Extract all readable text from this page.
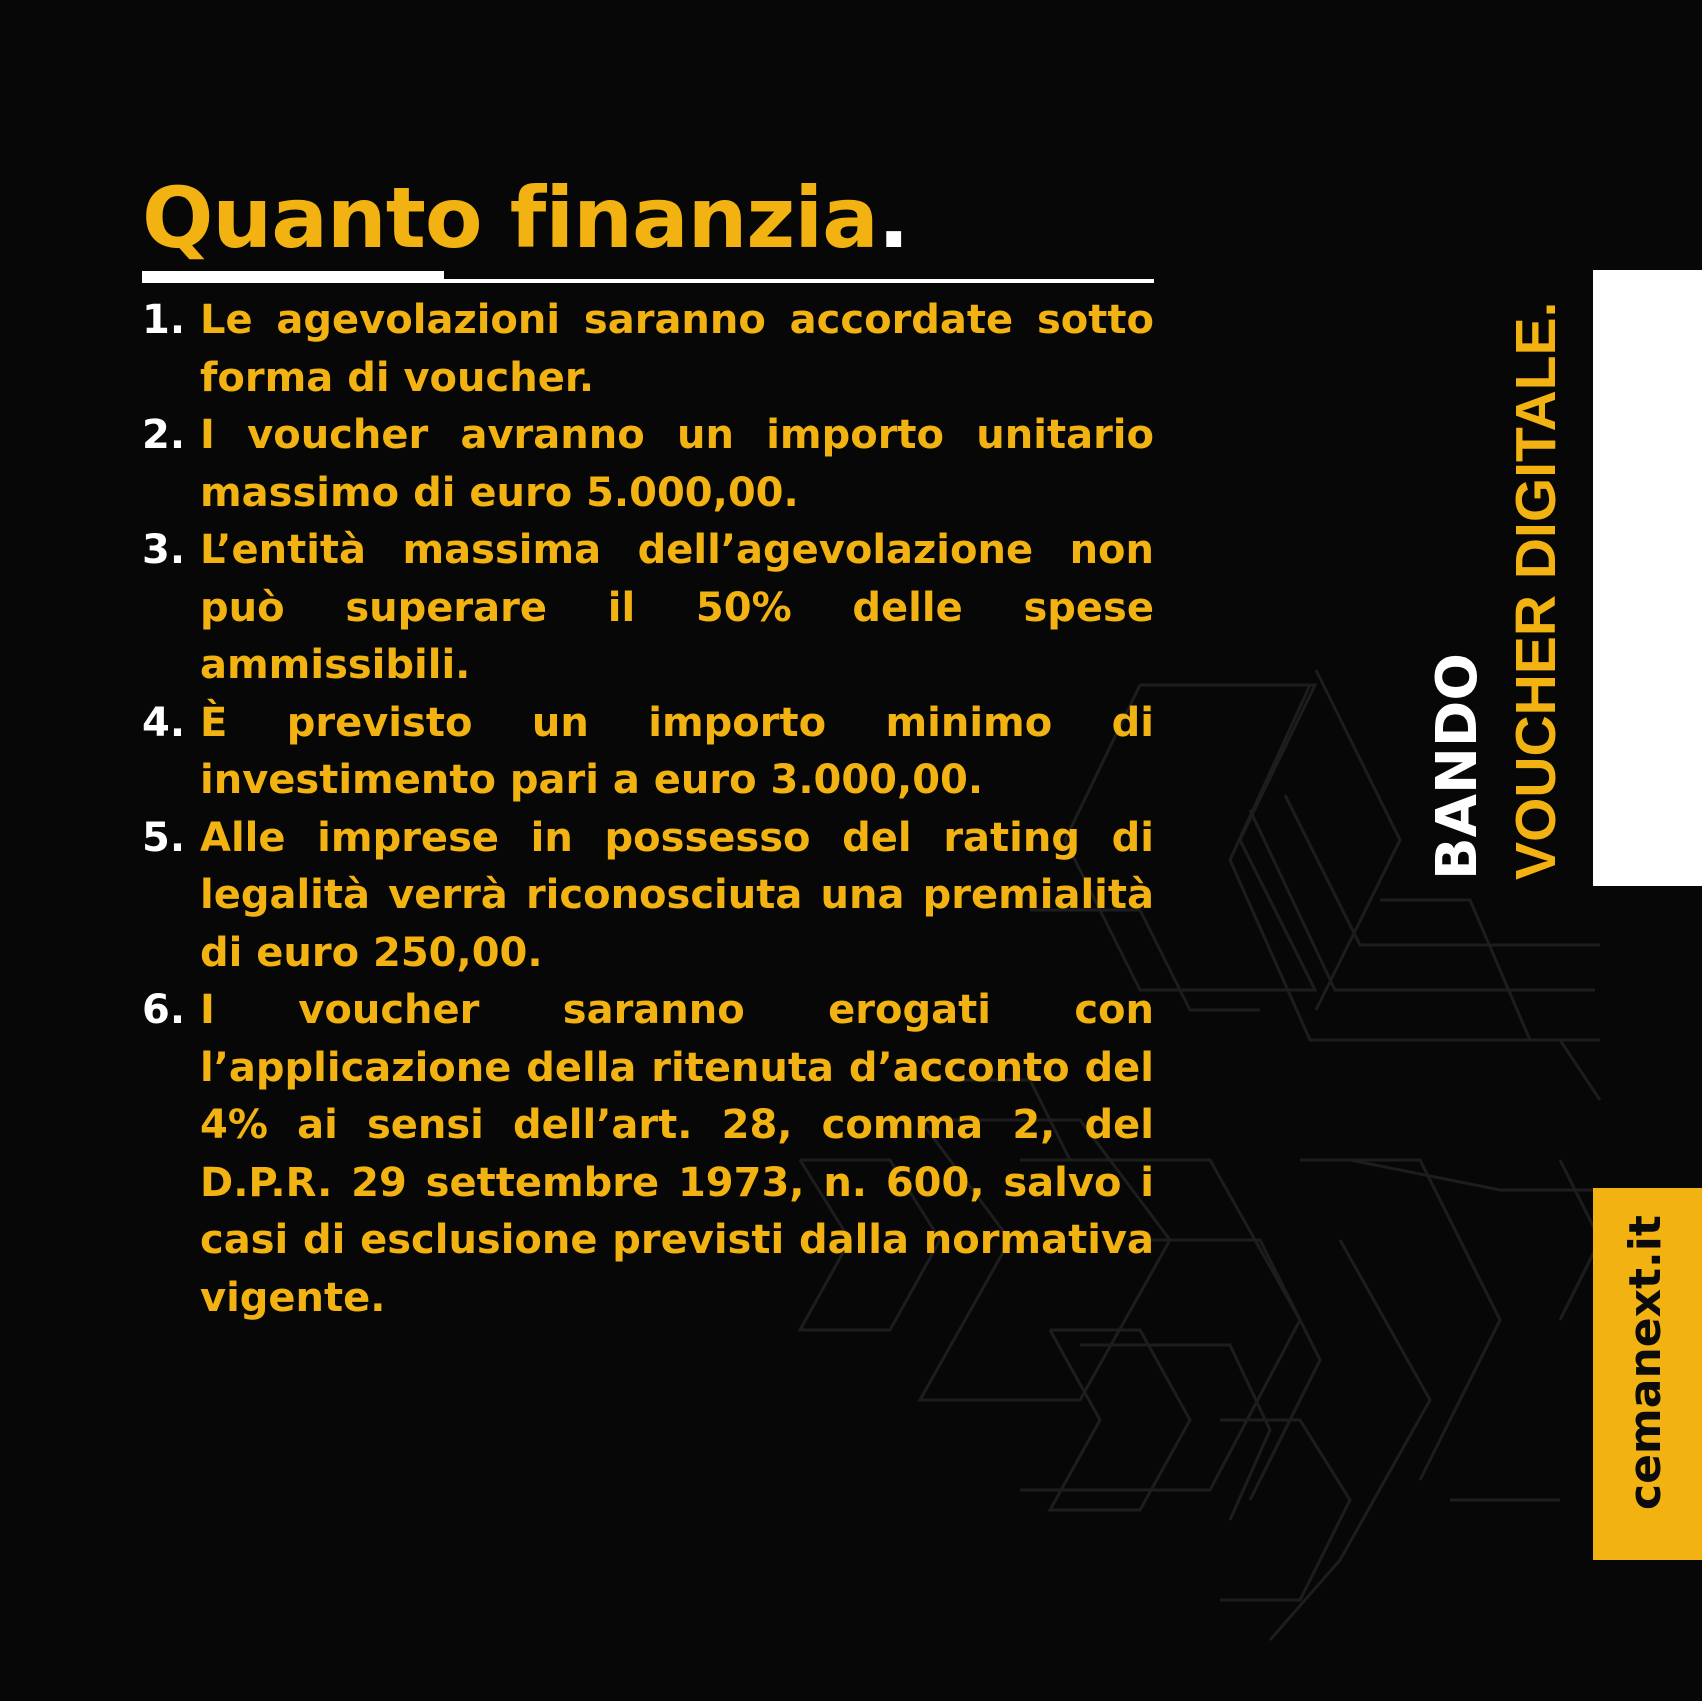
Quanto finanzia.
1. Le agevolazioni saranno accordate sotto forma di voucher.
2. I voucher avranno un importo unitario massimo di euro 5.000,00.
3. L’entità massima dell’agevolazione non può superare il 50% delle spese ammissibili.
4. È previsto un importo minimo di investimento pari a euro 3.000,00.
5. Alle imprese in possesso del rating di legalità verrà riconosciuta una premialità di euro 250,00.
6. I voucher saranno erogati con l’applicazione della ritenuta d’acconto del 4% ai sensi dell’art. 28, comma 2, del D.P.R. 29 settembre 1973, n. 600, salvo i casi di esclusione previsti dalla normativa vigente.

BANDO VOUCHER DIGITALE.

cemanext.it
